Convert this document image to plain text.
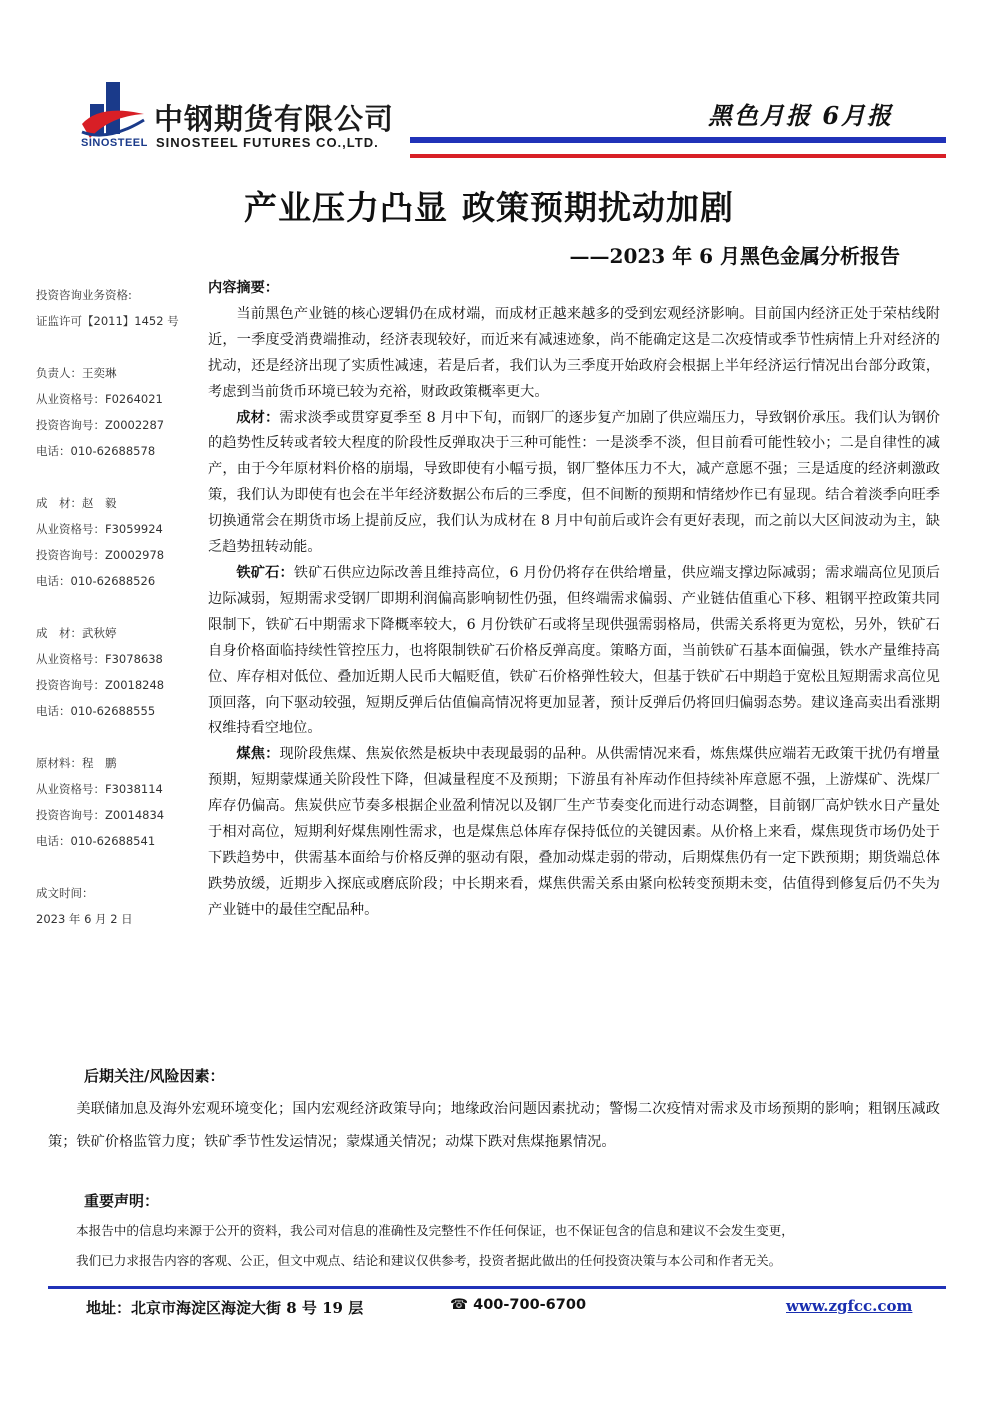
SINOSTEEL
中钢期货有限公司
SINOSTEEL FUTURES CO.,LTD.
黑色月报 6月报
产业压力凸显 政策预期扰动加剧
——2023 年 6 月黑色金属分析报告
投资咨询业务资格:
证监许可【2011】1452 号
负责人：王奕琳
从业资格号：F0264021
投资咨询号：Z0002287
电话：010-62688578
成　材：赵　毅
从业资格号：F3059924
投资咨询号：Z0002978
电话：010-62688526
成　材：武秋婷
从业资格号：F3078638
投资咨询号：Z0018248
电话：010-62688555
原材料：程　鹏
从业资格号：F3038114
投资咨询号：Z0014834
电话：010-62688541
成文时间：
2023 年 6 月 2 日

内容摘要：

当前黑色产业链的核心逻辑仍在成材端，而成材正越来越多的受到宏观经济影响。目前国内经济正处于荣枯线附近，一季度受消费端推动，经济表现较好，而近来有减速迹象，尚不能确定这是二次疫情或季节性病情上升对经济的扰动，还是经济出现了实质性减速，若是后者，我们认为三季度开始政府会根据上半年经济运行情况出台部分政策，考虑到当前货币环境已较为充裕，财政政策概率更大。

成材：需求淡季或贯穿夏季至 8 月中下旬，而钢厂的逐步复产加剧了供应端压力，导致钢价承压。我们认为钢价的趋势性反转或者较大程度的阶段性反弹取决于三种可能性：一是淡季不淡，但目前看可能性较小；二是自律性的减产，由于今年原材料价格的崩塌，导致即使有小幅亏损，钢厂整体压力不大，减产意愿不强；三是适度的经济刺激政策，我们认为即使有也会在半年经济数据公布后的三季度，但不间断的预期和情绪炒作已有显现。结合着淡季向旺季切换通常会在期货市场上提前反应，我们认为成材在 8 月中旬前后或许会有更好表现，而之前以大区间波动为主，缺乏趋势扭转动能。

铁矿石：铁矿石供应边际改善且维持高位，6 月份仍将存在供给增量，供应端支撑边际减弱；需求端高位见顶后边际减弱，短期需求受钢厂即期利润偏高影响韧性仍强，但终端需求偏弱、产业链估值重心下移、粗钢平控政策共同限制下，铁矿石中期需求下降概率较大，6 月份铁矿石或将呈现供强需弱格局，供需关系将更为宽松，另外，铁矿石自身价格面临持续性管控压力，也将限制铁矿石价格反弹高度。策略方面，当前铁矿石基本面偏强，铁水产量维持高位、库存相对低位、叠加近期人民币大幅贬值，铁矿石价格弹性较大，但基于铁矿石中期趋于宽松且短期需求高位见顶回落，向下驱动较强，短期反弹后估值偏高情况将更加显著，预计反弹后仍将回归偏弱态势。建议逢高卖出看涨期权维持看空地位。

煤焦：现阶段焦煤、焦炭依然是板块中表现最弱的品种。从供需情况来看，炼焦煤供应端若无政策干扰仍有增量预期，短期蒙煤通关阶段性下降，但减量程度不及预期；下游虽有补库动作但持续补库意愿不强，上游煤矿、洗煤厂库存仍偏高。焦炭供应节奏多根据企业盈利情况以及钢厂生产节奏变化而进行动态调整，目前钢厂高炉铁水日产量处于相对高位，短期利好煤焦刚性需求，也是煤焦总体库存保持低位的关键因素。从价格上来看，煤焦现货市场仍处于下跌趋势中，供需基本面给与价格反弹的驱动有限，叠加动煤走弱的带动，后期煤焦仍有一定下跌预期；期货端总体跌势放缓，近期步入探底或磨底阶段；中长期来看，煤焦供需关系由紧向松转变预期未变，估值得到修复后仍不失为产业链中的最佳空配品种。

后期关注/风险因素：

美联储加息及海外宏观环境变化；国内宏观经济政策导向；地缘政治问题因素扰动；警惕二次疫情对需求及市场预期的影响；粗钢压减政策；铁矿价格监管力度；铁矿季节性发运情况；蒙煤通关情况；动煤下跌对焦煤拖累情况。

重要声明：

本报告中的信息均来源于公开的资料，我公司对信息的准确性及完整性不作任何保证，也不保证包含的信息和建议不会发生变更，

我们已力求报告内容的客观、公正，但文中观点、结论和建议仅供参考，投资者据此做出的任何投资决策与本公司和作者无关。

地址：北京市海淀区海淀大街 8 号 19 层	☎ 400-700-6700	www.zgfcc.com
